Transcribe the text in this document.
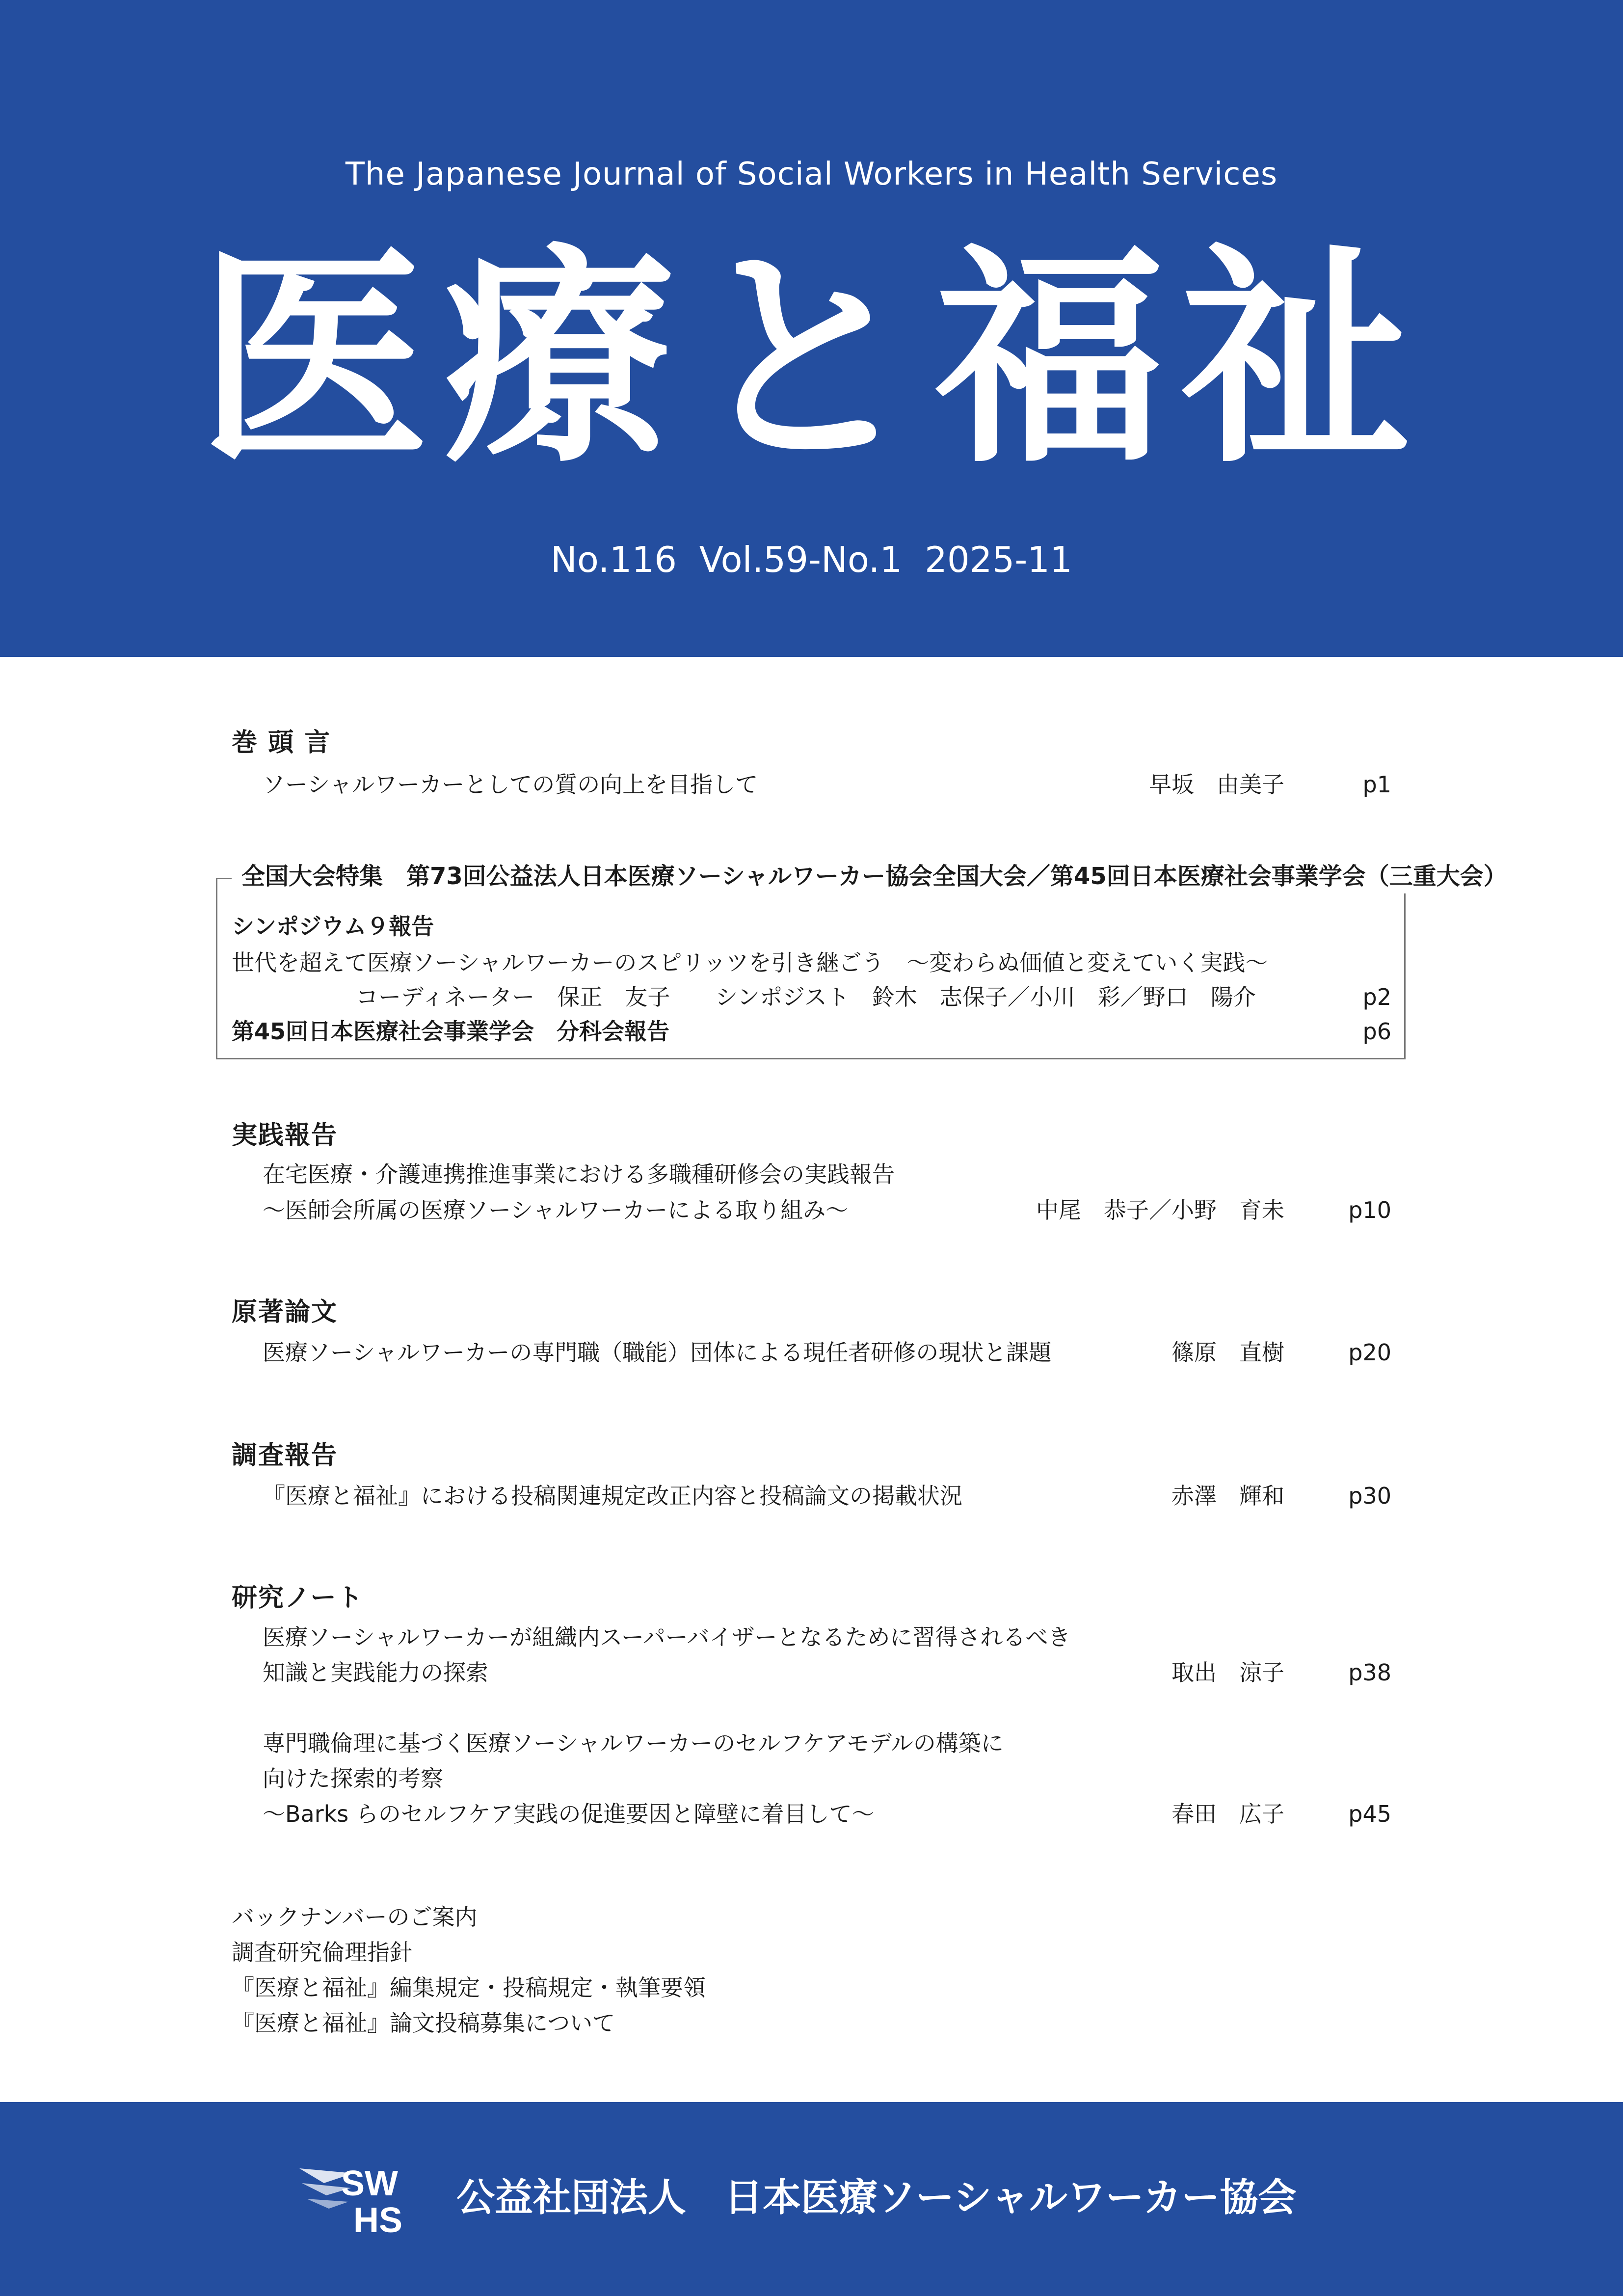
The Japanese Journal of Social Workers in Health Services
医療と福祉
No.116  Vol.59-No.1  2025-11
巻 頭 言
ソーシャルワーカーとしての質の向上を目指して	早坂　由美子	p1
全国大会特集　第73回公益法人日本医療ソーシャルワーカー協会全国大会／第45回日本医療社会事業学会（三重大会）
シンポジウム９報告
世代を超えて医療ソーシャルワーカーのスピリッツを引き継ごう　～変わらぬ価値と変えていく実践～
コーディネーター　保正　友子　　シンポジスト　鈴木　志保子／小川　彩／野口　陽介	p2
第45回日本医療社会事業学会　分科会報告	p6
実践報告
在宅医療・介護連携推進事業における多職種研修会の実践報告
～医師会所属の医療ソーシャルワーカーによる取り組み～	中尾　恭子／小野　育未	p10
原著論文
医療ソーシャルワーカーの専門職（職能）団体による現任者研修の現状と課題	篠原　直樹	p20
調査報告
『医療と福祉』における投稿関連規定改正内容と投稿論文の掲載状況	赤澤　輝和	p30
研究ノート
医療ソーシャルワーカーが組織内スーパーバイザーとなるために習得されるべき
知識と実践能力の探索	取出　涼子	p38
専門職倫理に基づく医療ソーシャルワーカーのセルフケアモデルの構築に
向けた探索的考察
～Barks らのセルフケア実践の促進要因と障壁に着目して～	春田　広子	p45
バックナンバーのご案内
調査研究倫理指針
『医療と福祉』編集規定・投稿規定・執筆要領
『医療と福祉』論文投稿募集について
SW
HS
公益社団法人　日本医療ソーシャルワーカー協会
